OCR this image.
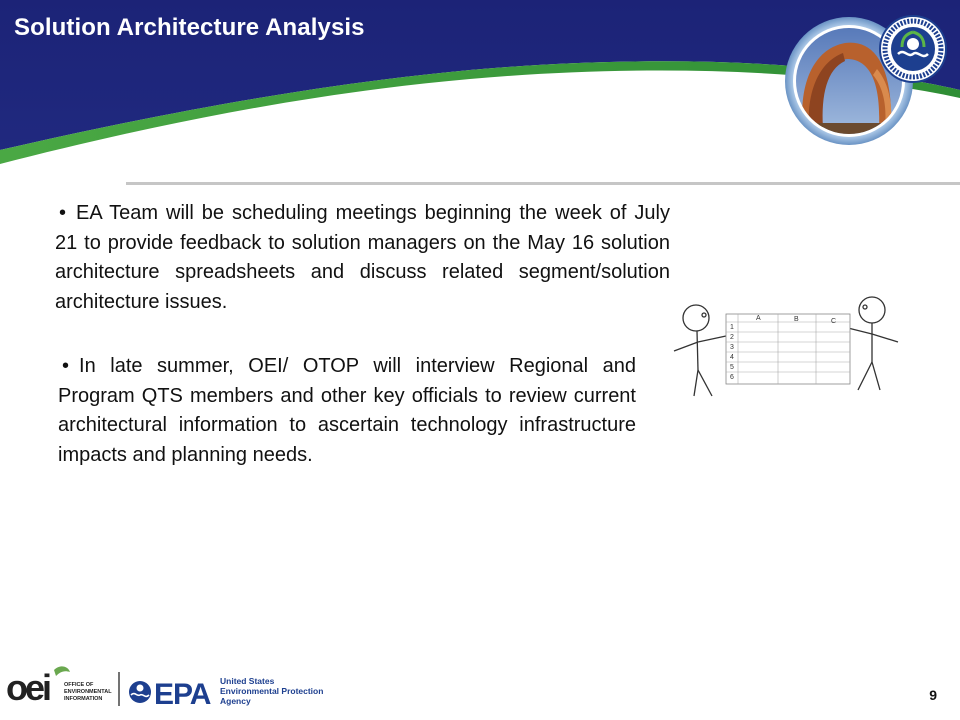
Solution Architecture Analysis
• EA Team will be scheduling meetings beginning the week of July 21 to provide feedback to solution managers on the May 16 solution architecture spreadsheets and discuss related segment/solution architecture issues.
• In late summer, OEI/ OTOP will interview Regional and Program QTS members and other key officials to review current architectural information to ascertain technology infrastructure impacts and planning needs.
A	B	C
1
2
3
4
5
6
oei	OFFICE OF
ENVIRONMENTAL
INFORMATION EPA United States
Environmental Protection
Agency	9
